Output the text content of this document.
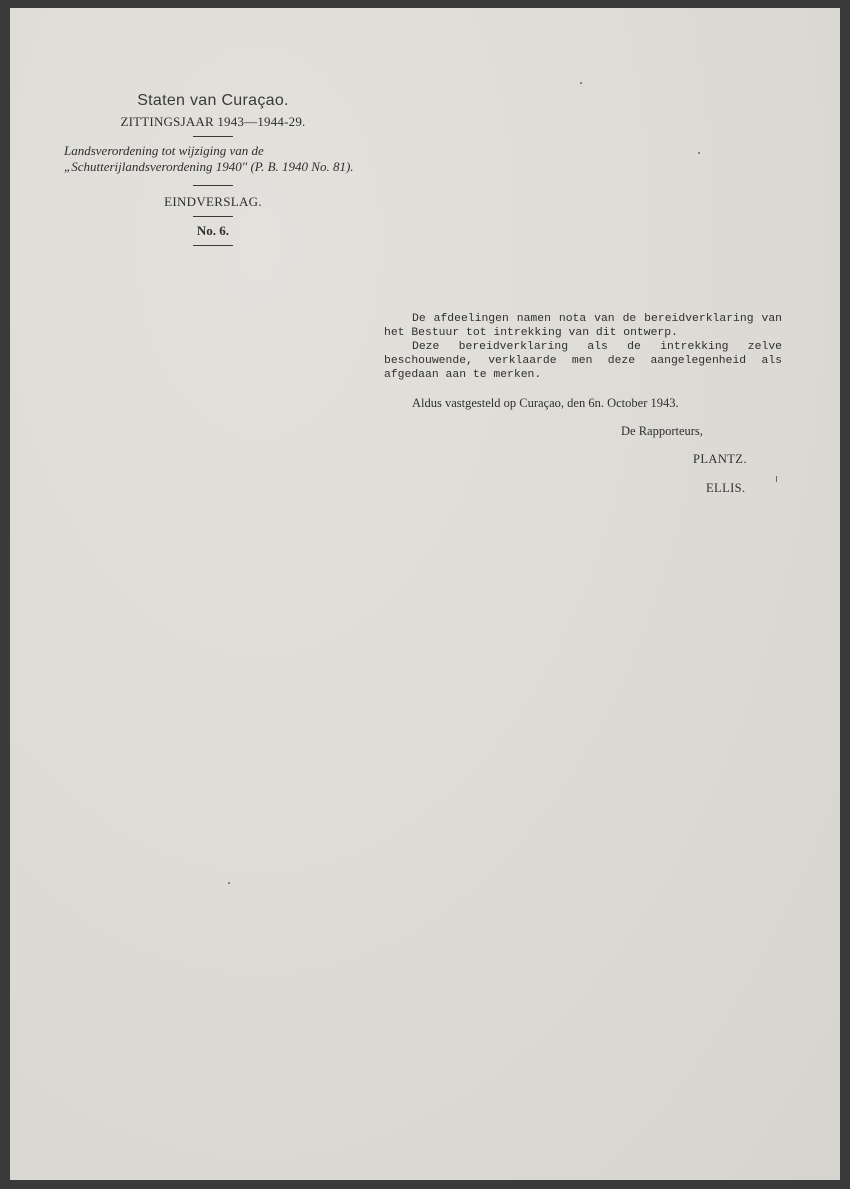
Staten van Curaçao.

ZITTINGSJAAR 1943—1944-29.

Landsverordening tot wijziging van de „Schutterijlandsverordening 1940" (P. B. 1940 No. 81).

EINDVERSLAG.

No. 6.

De afdeelingen namen nota van de bereidverklaring van het Bestuur tot intrekking van dit ontwerp.

Deze bereidverklaring als de intrekking zelve beschouwende, verklaarde men deze aangelegenheid als afgedaan aan te merken.

Aldus vastgesteld op Curaçao, den 6n. October 1943.
De Rapporteurs,
PLANTZ.
ELLIS.
